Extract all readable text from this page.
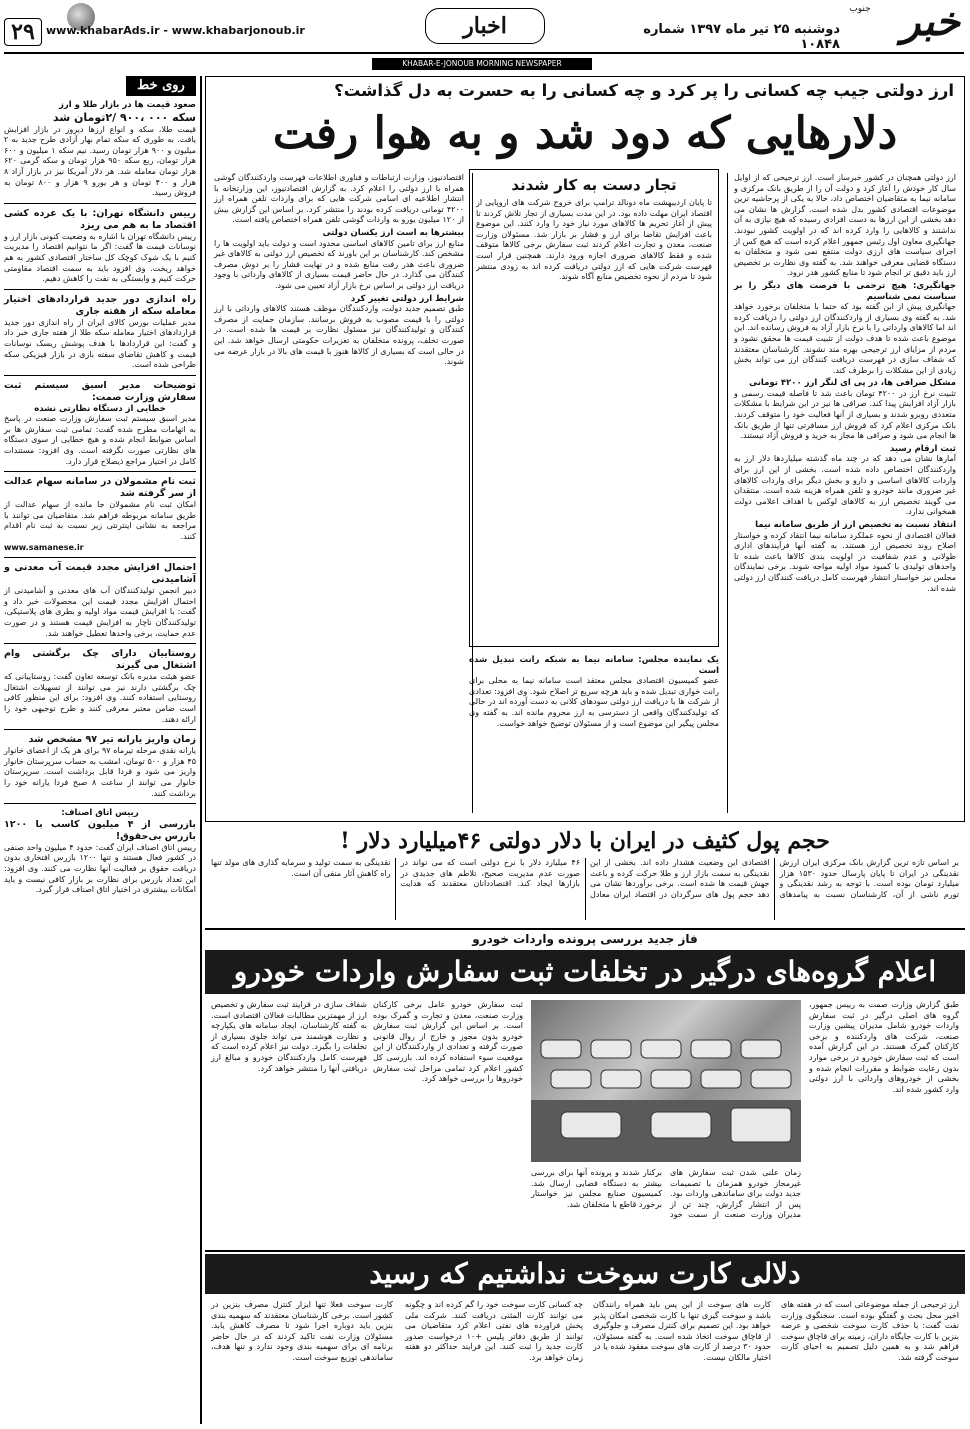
خبر
جنوب
دوشنبه ۲۵ تیر ماه ۱۳۹۷ شماره ۱۰۸۴۸
اخبار
www.khabarAds.ir - www.khabarjonoub.ir
۲۹
KHABAR-E-JONOUB MORNING NEWSPAPER
ارز دولتی جیب چه کسانی را پر کرد و چه کسانی را به حسرت به دل گذاشت؟
دلارهایی که دود شد و به هوا رفت
ارز دولتی همچنان در کشور خبرساز است. ارز ترجیحی که از اوایل سال کار خودش را آغاز کرد و دولت آن را از طریق بانک مرکزی و سامانه نیما به متقاضیان اختصاص داد، حالا به یکی از پرحاشیه ترین موضوعات اقتصادی کشور بدل شده است. گزارش ها نشان می دهد بخشی از این ارزها به دست افرادی رسیده که هیچ نیازی به آن نداشتند و کالاهایی را وارد کرده اند که در اولویت کشور نبودند. جهانگیری معاون اول رئیس جمهور اعلام کرده است که هیچ کس از اجرای سیاست های ارزی دولت منتفع نمی شود و متخلفان به دستگاه قضایی معرفی خواهند شد. به گفته وی نظارت بر تخصیص ارز باید دقیق تر انجام شود تا منابع کشور هدر نرود.
جهانگیری: هیچ ترحمی با فرصت های دیگر را بر سیاست نمی شناسیم
جهانگیری پیش از این گفته بود که حتما با متخلفان برخورد خواهد شد. به گفته وی بسیاری از واردکنندگان ارز دولتی را دریافت کرده اند اما کالاهای وارداتی را با نرخ بازار آزاد به فروش رسانده اند. این موضوع باعث شده تا هدف دولت از تثبیت قیمت ها محقق نشود و مردم از مزایای ارز ترجیحی بهره مند نشوند. کارشناسان معتقدند که شفاف سازی در فهرست دریافت کنندگان ارز می تواند بخش زیادی از این مشکلات را برطرف کند.
مشکل صرافی ها، در پی ای لنگر ارز ۴۲۰۰ تومانی
تثبیت نرخ ارز در ۴۲۰۰ تومان باعث شد تا فاصله قیمت رسمی و بازار آزاد افزایش پیدا کند. صرافی ها نیز در این شرایط با مشکلات متعددی روبرو شدند و بسیاری از آنها فعالیت خود را متوقف کردند. بانک مرکزی اعلام کرد که فروش ارز مسافرتی تنها از طریق بانک ها انجام می شود و صرافی ها مجاز به خرید و فروش آزاد نیستند.
ثبت ارقام رسید
آمارها نشان می دهد که در چند ماه گذشته میلیاردها دلار ارز به واردکنندگان اختصاص داده شده است. بخشی از این ارز برای واردات کالاهای اساسی و دارو و بخش دیگر برای واردات کالاهای غیر ضروری مانند خودرو و تلفن همراه هزینه شده است. منتقدان می گویند تخصیص ارز به کالاهای لوکس با اهداف اعلامی دولت همخوانی ندارد.
انتقاد نسبت به تخصیص ارز از طریق سامانه نیما
فعالان اقتصادی از نحوه عملکرد سامانه نیما انتقاد کرده و خواستار اصلاح روند تخصیص ارز هستند. به گفته آنها فرآیندهای اداری طولانی و عدم شفافیت در اولویت بندی کالاها باعث شده تا واحدهای تولیدی با کمبود مواد اولیه مواجه شوند. برخی نمایندگان مجلس نیز خواستار انتشار فهرست کامل دریافت کنندگان ارز دولتی شده اند.
تجار دست به کار شدند
تا پایان اردیبهشت ماه دونالد ترامپ برای خروج شرکت های اروپایی از اقتصاد ایران مهلت داده بود. در این مدت بسیاری از تجار تلاش کردند تا پیش از آغاز تحریم ها کالاهای مورد نیاز خود را وارد کنند. این موضوع باعث افزایش تقاضا برای ارز و فشار بر بازار شد. مسئولان وزارت صنعت، معدن و تجارت اعلام کردند ثبت سفارش برخی کالاها متوقف شده و فقط کالاهای ضروری اجازه ورود دارند. همچنین قرار است فهرست شرکت هایی که ارز دولتی دریافت کرده اند به زودی منتشر شود تا مردم از نحوه تخصیص منابع آگاه شوند.
اقتصادنیوز، وزارت ارتباطات و فناوری اطلاعات فهرست واردکنندگان گوشی همراه با ارز دولتی را اعلام کرد. به گزارش اقتصادنیوز، این وزارتخانه با انتشار اطلاعیه ای اسامی شرکت هایی که برای واردات تلفن همراه ارز ۴۲۰۰ تومانی دریافت کرده بودند را منتشر کرد. بر اساس این گزارش بیش از ۱۲۰ میلیون یورو به واردات گوشی تلفن همراه اختصاص یافته است.
بیشترها به است ارز یکسان دولتی
منابع ارز برای تامین کالاهای اساسی محدود است و دولت باید اولویت ها را مشخص کند. کارشناسان بر این باورند که تخصیص ارز دولتی به کالاهای غیر ضروری باعث هدر رفت منابع شده و در نهایت فشار را بر دوش مصرف کنندگان می گذارد. در حال حاضر قیمت بسیاری از کالاهای وارداتی با وجود دریافت ارز دولتی بر اساس نرخ بازار آزاد تعیین می شود.
شرایط ارز دولتی تغییر کرد
طبق تصمیم جدید دولت، واردکنندگان موظف هستند کالاهای وارداتی با ارز دولتی را با قیمت مصوب به فروش برسانند. سازمان حمایت از مصرف کنندگان و تولیدکنندگان نیز مسئول نظارت بر قیمت ها شده است. در صورت تخلف، پرونده متخلفان به تعزیرات حکومتی ارسال خواهد شد. این در حالی است که بسیاری از کالاها هنوز با قیمت های بالا در بازار عرضه می شوند.
یک نماینده مجلس: سامانه نیما به شبکه رانت تبدیل شده است
عضو کمیسیون اقتصادی مجلس معتقد است سامانه نیما به محلی برای رانت خواری تبدیل شده و باید هرچه سریع تر اصلاح شود. وی افزود: تعدادی از شرکت ها با دریافت ارز دولتی سودهای کلانی به دست آورده اند در حالی که تولیدکنندگان واقعی از دسترسی به ارز محروم مانده اند. به گفته وی مجلس پیگیر این موضوع است و از مسئولان توضیح خواهد خواست.
حجم پول کثیف در ایران با دلار دولتی ۴۶میلیارد دلار !
بر اساس تازه ترین گزارش بانک مرکزی ایران ارزش نقدینگی در ایران تا پایان پارسال حدود ۱۵۳۰ هزار میلیارد تومان بوده است. با توجه به رشد نقدینگی و تورم ناشی از آن، کارشناسان نسبت به پیامدهای اقتصادی این وضعیت هشدار داده اند. بخشی از این نقدینگی به سمت بازار ارز و طلا حرکت کرده و باعث جهش قیمت ها شده است. برخی برآوردها نشان می دهد حجم پول های سرگردان در اقتصاد ایران معادل ۴۶ میلیارد دلار با نرخ دولتی است که می تواند در صورت عدم مدیریت صحیح، تلاطم های جدیدی در بازارها ایجاد کند. اقتصاددانان معتقدند که هدایت نقدینگی به سمت تولید و سرمایه گذاری های مولد تنها راه کاهش آثار منفی آن است.
فاز جدید بررسی پرونده واردات خودرو
اعلام گروه‌های درگیر در تخلفات ثبت سفارش واردات خودرو
طبق گزارش وزارت صمت به رییس جمهور، گروه های اصلی درگیر در ثبت سفارش واردات خودرو شامل مدیران پیشین وزارت صنعت، شرکت های واردکننده و برخی کارکنان گمرک هستند. در این گزارش آمده است که ثبت سفارش خودرو در برخی موارد بدون رعایت ضوابط و مقررات انجام شده و بخشی از خودروهای وارداتی با ارز دولتی وارد کشور شده اند.
زمان علنی شدن ثبت سفارش های غیرمجاز خودرو همزمان با تصمیمات جدید دولت برای ساماندهی واردات بود. پس از انتشار گزارش، چند تن از مدیران وزارت صنعت از سمت خود برکنار شدند و پرونده آنها برای بررسی بیشتر به دستگاه قضایی ارسال شد. کمیسیون صنایع مجلس نیز خواستار برخورد قاطع با متخلفان شد.
ثبت سفارش خودرو عامل برخی کارکنان وزارت صنعت، معدن و تجارت و گمرک بوده است. بر اساس این گزارش ثبت سفارش خودرو بدون مجوز و خارج از روال قانونی صورت گرفته و تعدادی از واردکنندگان از این موقعیت سوء استفاده کرده اند. بازرسی کل کشور اعلام کرد تمامی مراحل ثبت سفارش خودروها را بررسی خواهد کرد.
شفاف سازی در فرایند ثبت سفارش و تخصیص ارز از مهمترین مطالبات فعالان اقتصادی است. به گفته کارشناسان، ایجاد سامانه های یکپارچه و نظارت هوشمند می تواند جلوی بسیاری از تخلفات را بگیرد. دولت نیز اعلام کرده است که فهرست کامل واردکنندگان خودرو و مبالغ ارز دریافتی آنها را منتشر خواهد کرد.
دلالی کارت سوخت نداشتیم که رسید
ارز ترجیحی از جمله موضوعاتی است که در هفته های اخیر محل بحث و گفتگو بوده است. سخنگوی وزارت نفت گفت: با حذف کارت سوخت شخصی و عرضه بنزین با کارت جایگاه داران، زمینه برای قاچاق سوخت فراهم شد و به همین دلیل تصمیم به احیای کارت سوخت گرفته شد.
کارت های سوخت از این پس باید همراه رانندگان باشد و سوخت گیری تنها با کارت شخصی امکان پذیر خواهد بود. این تصمیم برای کنترل مصرف و جلوگیری از قاچاق سوخت اتخاذ شده است. به گفته مسئولان، حدود ۳۰ درصد از کارت های سوخت مفقود شده یا در اختیار مالکان نیست.
چه کسانی کارت سوخت خود را گم کرده اند و چگونه می توانند کارت المثنی دریافت کنند. شرکت ملی پخش فراورده های نفتی اعلام کرد متقاضیان می توانند از طریق دفاتر پلیس +۱۰ درخواست صدور کارت جدید را ثبت کنند. این فرایند حداکثر دو هفته زمان خواهد برد.
کارت سوخت فعلا تنها ابزار کنترل مصرف بنزین در کشور است. برخی کارشناسان معتقدند که سهمیه بندی بنزین باید دوباره اجرا شود تا مصرف کاهش یابد. مسئولان وزارت نفت تاکید کردند که در حال حاضر برنامه ای برای سهمیه بندی وجود ندارد و تنها هدف، ساماندهی توزیع سوخت است.
روی خط
صعود قیمت ها در بازار طلا و ارز
سکه ۰۰۰ ،۹۰۰ /۲تومان شد
قیمت طلا، سکه و انواع ارزها دیروز در بازار افزایش یافت. به طوری که سکه تمام بهار آزادی طرح جدید به ۲ میلیون و ۹۰۰ هزار تومان رسید. نیم سکه ۱ میلیون و ۶۰۰ هزار تومان، ربع سکه ۹۵۰ هزار تومان و سکه گرمی ۶۲۰ هزار تومان معامله شد. هر دلار آمریکا نیز در بازار آزاد ۸ هزار و ۴۰۰ تومان و هر یورو ۹ هزار و ۸۰۰ تومان به فروش رسید.
رییس دانشگاه تهران: با یک عرده کشی اقتصاد ما به هم می ریزد
رییس دانشگاه تهران با اشاره به وضعیت کنونی بازار ارز و نوسانات قیمت ها گفت: اگر ما نتوانیم اقتصاد را مدیریت کنیم با یک شوک کوچک کل ساختار اقتصادی کشور به هم خواهد ریخت. وی افزود باید به سمت اقتصاد مقاومتی حرکت کنیم و وابستگی به نفت را کاهش دهیم.
راه اندازی دور جدید قراردادهای اختیار معامله سکه از هفته جاری
مدیر عملیات بورس کالای ایران از راه اندازی دور جدید قراردادهای اختیار معامله سکه طلا از هفته جاری خبر داد و گفت: این قراردادها با هدف پوشش ریسک نوسانات قیمت و کاهش تقاضای سفته بازی در بازار فیزیکی سکه طراحی شده است.
توضیحات مدیر اسبق سیستم ثبت سفارش وزارت صمت:
خطایی از دستگاه نظارتی نشده
مدیر اسبق سیستم ثبت سفارش وزارت صنعت در پاسخ به اتهامات مطرح شده گفت: تمامی ثبت سفارش ها بر اساس ضوابط انجام شده و هیچ خطایی از سوی دستگاه های نظارتی صورت نگرفته است. وی افزود: مستندات کامل در اختیار مراجع ذیصلاح قرار دارد.
ثبت نام مشمولان در سامانه سهام عدالت از سر گرفته شد
امکان ثبت نام مشمولان جا مانده از سهام عدالت از طریق سامانه مربوطه فراهم شد. متقاضیان می توانند با مراجعه به نشانی اینترنتی زیر نسبت به ثبت نام اقدام کنند.
www.samanese.ir
احتمال افزایش مجدد قیمت آب معدنی و آشامیدنی
دبیر انجمن تولیدکنندگان آب های معدنی و آشامیدنی از احتمال افزایش مجدد قیمت این محصولات خبر داد و گفت: با افزایش قیمت مواد اولیه و بطری های پلاستیکی، تولیدکنندگان ناچار به افزایش قیمت هستند و در صورت عدم حمایت، برخی واحدها تعطیل خواهند شد.
روستاییان دارای چک برگشتی وام اشتغال می گیرند
عضو هیئت مدیره بانک توسعه تعاون گفت: روستاییانی که چک برگشتی دارند نیز می توانند از تسهیلات اشتغال روستایی استفاده کنند. وی افزود: برای این منظور کافی است ضامن معتبر معرفی کنند و طرح توجیهی خود را ارائه دهند.
زمان واریز یارانه تیر ۹۷ مشخص شد
یارانه نقدی مرحله تیرماه ۹۷ برای هر یک از اعضای خانوار ۴۵ هزار و ۵۰۰ تومان، امشب به حساب سرپرستان خانوار واریز می شود و فردا قابل برداشت است. سرپرستان خانوار می توانند از ساعت ۸ صبح فردا یارانه خود را برداشت کنند.
رییس اتاق اصناف:
بازرسی از ۴ میلیون کاسب با ۱۲۰۰ بازرس بی‌حقوق!
رییس اتاق اصناف ایران گفت: حدود ۴ میلیون واحد صنفی در کشور فعال هستند و تنها ۱۲۰۰ بازرس افتخاری بدون دریافت حقوق بر فعالیت آنها نظارت می کنند. وی افزود: این تعداد بازرس برای نظارت بر بازار کافی نیست و باید امکانات بیشتری در اختیار اتاق اصناف قرار گیرد.
